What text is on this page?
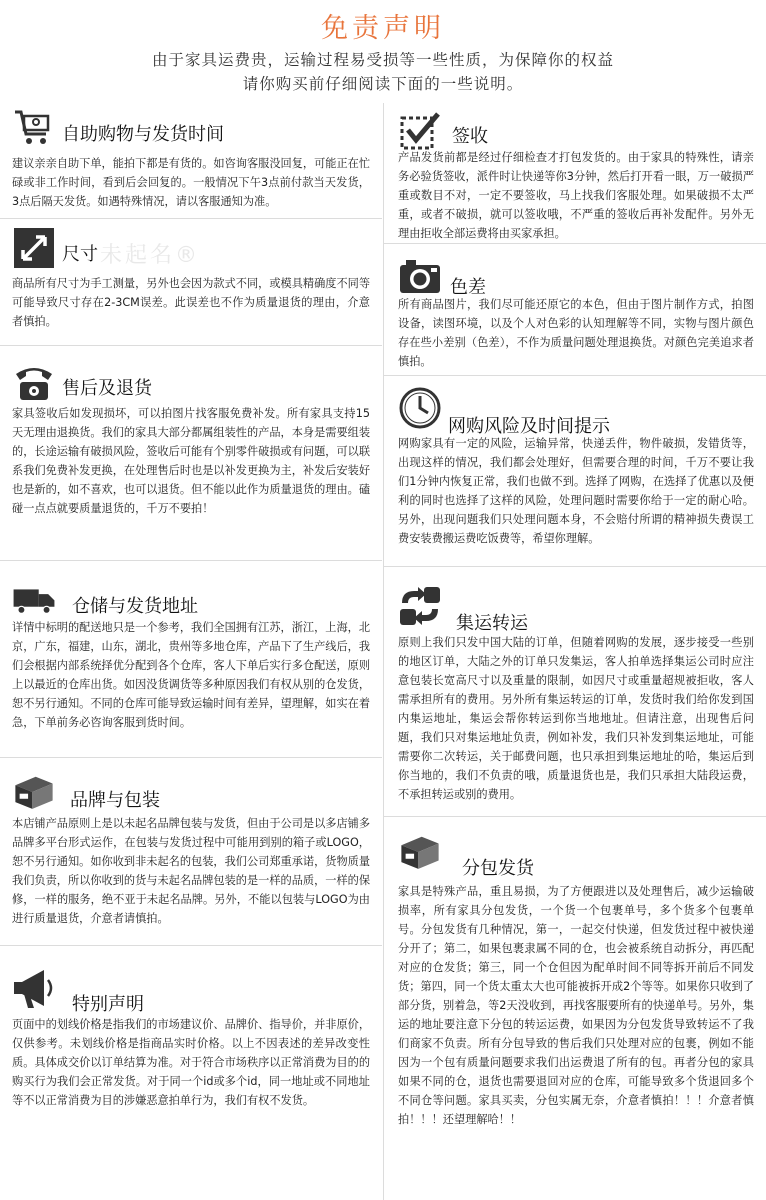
免责声明
由于家具运费贵，运输过程易受损等一些性质，为保障你的权益
请你购买前仔细阅读下面的一些说明。
未起名®
自助购物与发货时间

建议亲亲自助下单，能拍下都是有货的。如咨询客服没回复，可能正在忙碌或非工作时间，看到后会回复的。一般情况下午3点前付款当天发货，3点后隔天发货。如遇特殊情况，请以客服通知为准。

尺寸

商品所有尺寸为手工测量，另外也会因为款式不同，或模具精确度不同等可能导致尺寸存在2-3CM误差。此误差也不作为质量退货的理由，介意者慎拍。

售后及退货

家具签收后如发现损坏，可以拍图片找客服免费补发。所有家具支持15天无理由退换货。我们的家具大部分都属组装性的产品，本身是需要组装的，长途运输有破损风险，签收后可能有个别零件破损或有问题，可以联系我们免费补发更换，在处理售后时也是以补发更换为主，补发后安装好也是新的，如不喜欢，也可以退货。但不能以此作为质量退货的理由。磕碰一点点就要质量退货的，千万不要拍！

仓储与发货地址

详情中标明的配送地只是一个参考，我们全国拥有江苏，浙江，上海，北京，广东，福建，山东，湖北，贵州等多地仓库，产品下了生产线后，我们会根据内部系统择优分配到各个仓库，客人下单后实行多仓配送，原则上以最近的仓库出货。如因没货调货等多种原因我们有权从别的仓发货，恕不另行通知。不同的仓库可能导致运输时间有差异，望理解，如实在着急，下单前务必咨询客服到货时间。

品牌与包装

本店铺产品原则上是以未起名品牌包装与发货，但由于公司是以多店铺多品牌多平台形式运作，在包装与发货过程中可能用到别的箱子或LOGO，恕不另行通知。如你收到非未起名的包装，我们公司郑重承诺，货物质量我们负责，所以你收到的货与未起名品牌包装的是一样的品质，一样的保修，一样的服务，绝不亚于未起名品牌。另外，不能以包装与LOGO为由进行质量退货，介意者请慎拍。

特别声明

页面中的划线价格是指我们的市场建议价、品牌价、指导价，并非原价，仅供参考。未划线价格是指商品实时价格。以上不因表述的差异改变性质。具体成交价以订单结算为准。对于符合市场秩序以正常消费为目的的购买行为我们会正常发货。对于同一个id或多个id，同一地址或不同地址等不以正常消费为目的涉嫌恶意拍单行为，我们有权不发货。

签收

产品发货前都是经过仔细检查才打包发货的。由于家具的特殊性，请亲务必验货签收，派件时让快递等你3分钟，然后打开看一眼，万一破损严重或数目不对，一定不要签收，马上找我们客服处理。如果破损不太严重，或者不破损，就可以签收哦，不严重的签收后再补发配件。另外无理由拒收全部运费将由买家承担。

色差

所有商品图片，我们尽可能还原它的本色，但由于图片制作方式，拍图设备，读图环境，以及个人对色彩的认知理解等不同，实物与图片颜色存在些小差别（色差），不作为质量问题处理退换货。对颜色完美追求者慎拍。

网购风险及时间提示

网购家具有一定的风险，运输异常，快递丢件，物件破损，发错货等，出现这样的情况，我们都会处理好，但需要合理的时间，千万不要让我们1分钟内恢复正常，我们也做不到。选择了网购，在选择了优惠以及便利的同时也选择了这样的风险，处理问题时需要你给于一定的耐心哈。另外，出现问题我们只处理问题本身，不会赔付所谓的精神损失费误工费安装费搬运费吃饭费等，希望你理解。

集运转运

原则上我们只发中国大陆的订单，但随着网购的发展，逐步接受一些别的地区订单，大陆之外的订单只发集运，客人拍单选择集运公司时应注意包装长宽高尺寸以及重量的限制，如因尺寸或重量超规被拒收，客人需承担所有的费用。另外所有集运转运的订单，发货时我们给你发到国内集运地址，集运会帮你转运到你当地地址。但请注意，出现售后问题，我们只对集运地址负责，例如补发，我们只补发到集运地址，可能需要你二次转运，关于邮费问题，也只承担到集运地址的哈，集运后到你当地的，我们不负责的哦，质量退货也是，我们只承担大陆段运费，不承担转运或别的费用。

分包发货

家具是特殊产品，重且易损，为了方便跟进以及处理售后，减少运输破损率，所有家具分包发货，一个货一个包裹单号，多个货多个包裹单号。分包发货有几种情况，第一，一起交付快递，但发货过程中被快递分开了；第二，如果包裹隶属不同的仓，也会被系统自动拆分，再匹配对应的仓发货；第三，同一个仓但因为配单时间不同等拆开前后不同发货；第四，同一个货太重太大也可能被拆开成2个等等。如果你只收到了部分货，别着急，等2天没收到，再找客服要所有的快递单号。另外，集运的地址要注意下分包的转运运费，如果因为分包发货导致转运不了我们商家不负责。所有分包导致的售后我们只处理对应的包裹，例如不能因为一个包有质量问题要求我们出运费退了所有的包。再者分包的家具如果不同的仓，退货也需要退回对应的仓库，可能导致多个货退回多个不同仓等问题。家具买卖，分包实属无奈，介意者慎拍！！！介意者慎拍！！！还望理解哈！！
